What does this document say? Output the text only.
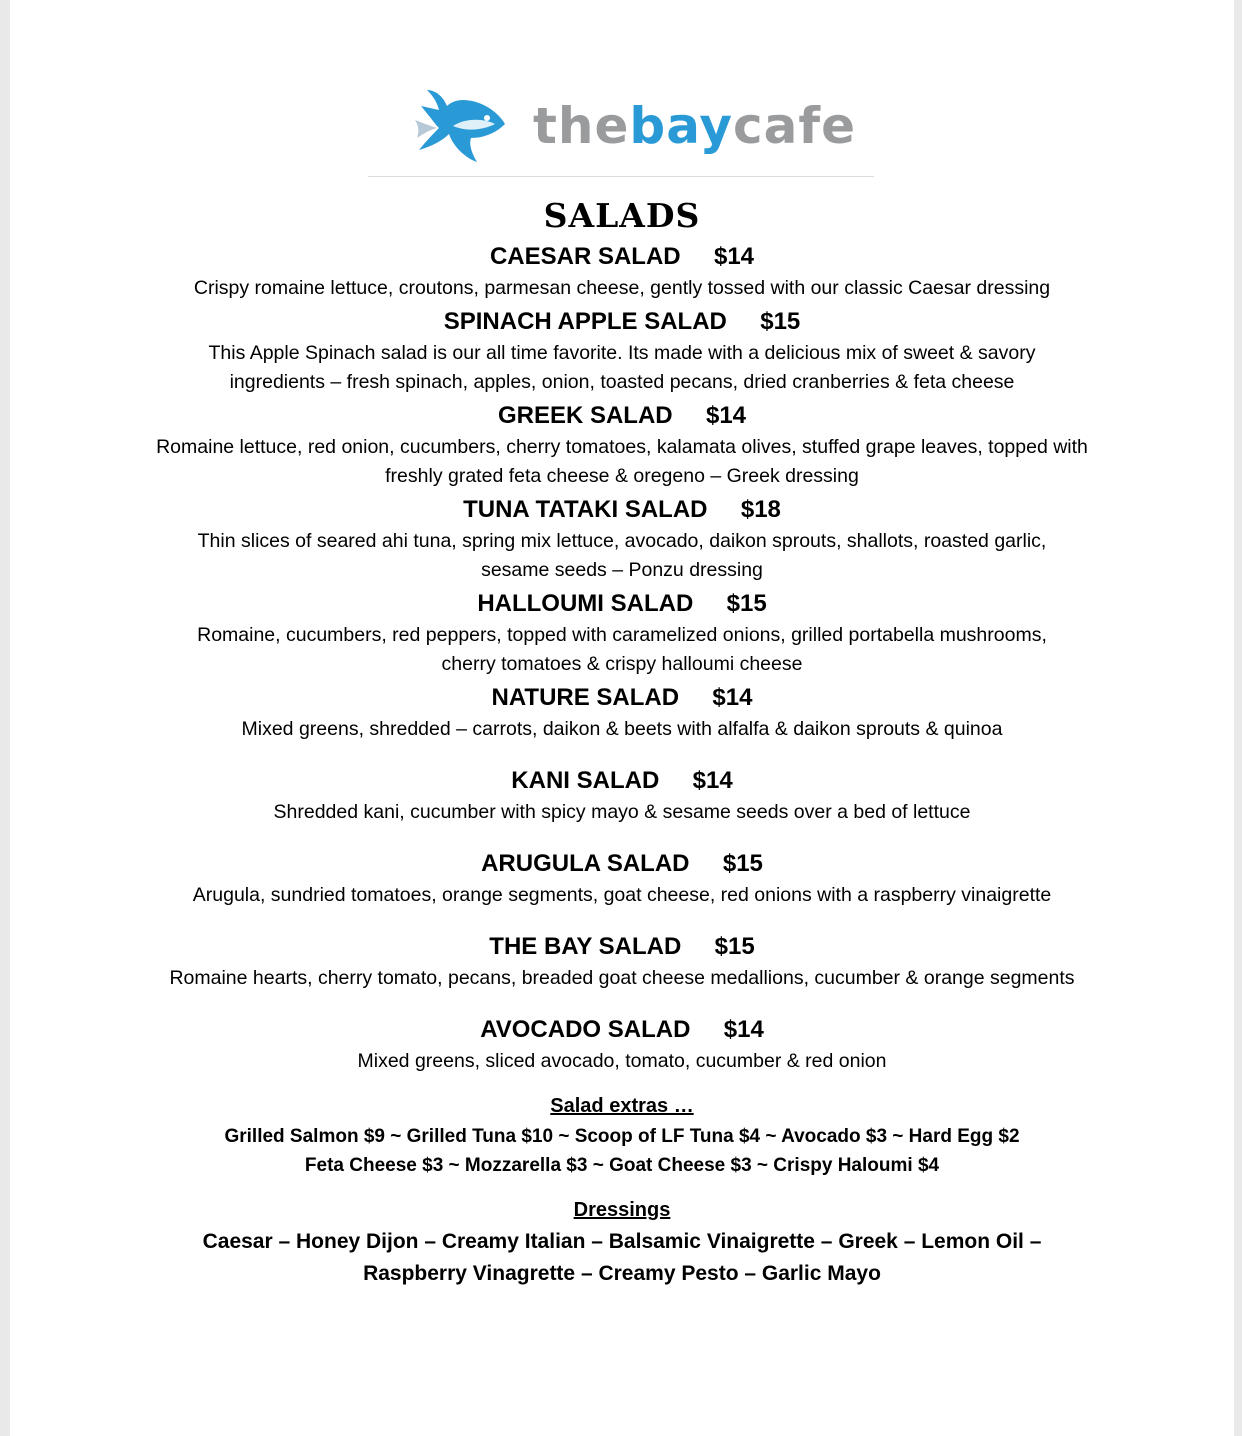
thebaycafe
SALADS
CAESAR SALAD $14

Crispy romaine lettuce, croutons, parmesan cheese, gently tossed with our classic Caesar dressing

SPINACH APPLE SALAD $15

This Apple Spinach salad is our all time favorite. Its made with a delicious mix of sweet & savory ingredients – fresh spinach, apples, onion, toasted pecans, dried cranberries & feta cheese

GREEK SALAD $14

Romaine lettuce, red onion, cucumbers, cherry tomatoes, kalamata olives, stuffed grape leaves, topped with freshly grated feta cheese & oregeno – Greek dressing

TUNA TATAKI SALAD $18

Thin slices of seared ahi tuna, spring mix lettuce, avocado, daikon sprouts, shallots, roasted garlic, sesame seeds – Ponzu dressing

HALLOUMI SALAD $15

Romaine, cucumbers, red peppers, topped with caramelized onions, grilled portabella mushrooms, cherry tomatoes & crispy halloumi cheese

NATURE SALAD $14

Mixed greens, shredded – carrots, daikon & beets with alfalfa & daikon sprouts & quinoa

KANI SALAD $14

Shredded kani, cucumber with spicy mayo & sesame seeds over a bed of lettuce

ARUGULA SALAD $15

Arugula, sundried tomatoes, orange segments, goat cheese, red onions with a raspberry vinaigrette

THE BAY SALAD $15

Romaine hearts, cherry tomato, pecans, breaded goat cheese medallions, cucumber & orange segments

AVOCADO SALAD $14

Mixed greens, sliced avocado, tomato, cucumber & red onion

Salad extras …

Grilled Salmon $9 ~ Grilled Tuna $10 ~ Scoop of LF Tuna $4 ~ Avocado $3 ~ Hard Egg $2

Feta Cheese $3 ~ Mozzarella $3 ~ Goat Cheese $3 ~ Crispy Haloumi $4

Dressings

Caesar – Honey Dijon – Creamy Italian – Balsamic Vinaigrette – Greek – Lemon Oil –

Raspberry Vinagrette – Creamy Pesto – Garlic Mayo
